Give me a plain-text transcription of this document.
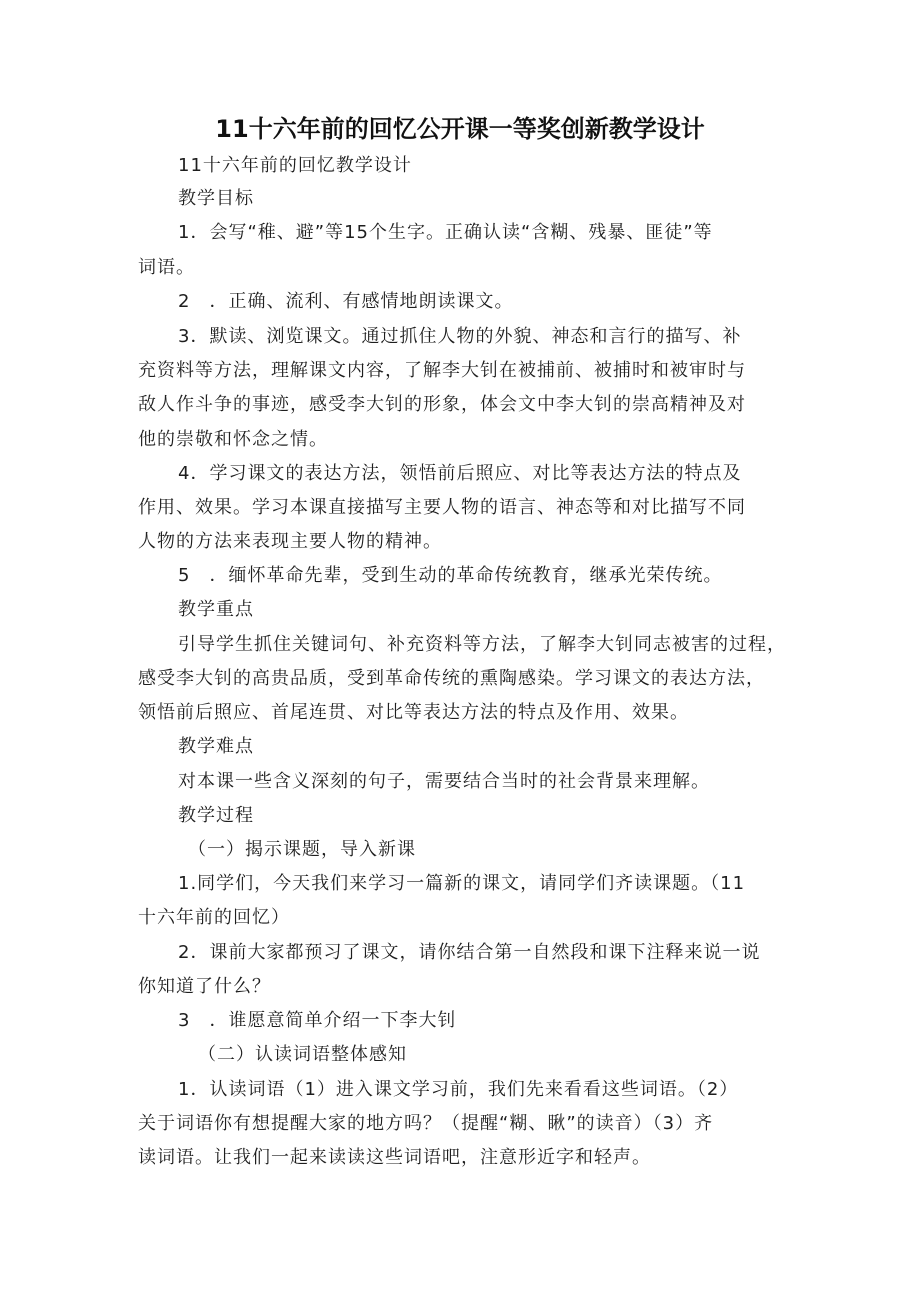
11十六年前的回忆公开课一等奖创新教学设计
11十六年前的回忆教学设计
教学目标
1．会写“稚、避”等15个生字。正确认读“含糊、残暴、匪徒”等
词语。
2　．正确、流利、有感情地朗读课文。
3．默读、浏览课文。通过抓住人物的外貌、神态和言行的描写、补
充资料等方法，理解课文内容，了解李大钊在被捕前、被捕时和被审时与
敌人作斗争的事迹，感受李大钊的形象，体会文中李大钊的崇高精神及对
他的崇敬和怀念之情。
4．学习课文的表达方法，领悟前后照应、对比等表达方法的特点及
作用、效果。学习本课直接描写主要人物的语言、神态等和对比描写不同
人物的方法来表现主要人物的精神。
5　．缅怀革命先辈，受到生动的革命传统教育，继承光荣传统。
教学重点
引导学生抓住关键词句、补充资料等方法，了解李大钊同志被害的过程，
感受李大钊的高贵品质，受到革命传统的熏陶感染。学习课文的表达方法，
领悟前后照应、首尾连贯、对比等表达方法的特点及作用、效果。
教学难点
对本课一些含义深刻的句子，需要结合当时的社会背景来理解。
教学过程
（一）揭示课题，导入新课
1.同学们，今天我们来学习一篇新的课文，请同学们齐读课题。（11
十六年前的回忆）
2．课前大家都预习了课文，请你结合第一自然段和课下注释来说一说
你知道了什么？
3　．谁愿意简单介绍一下李大钊
（二）认读词语整体感知
1．认读词语（1）进入课文学习前，我们先来看看这些词语。（2）
关于词语你有想提醒大家的地方吗？（提醒“糊、瞅”的读音）（3）齐
读词语。让我们一起来读读这些词语吧，注意形近字和轻声。
